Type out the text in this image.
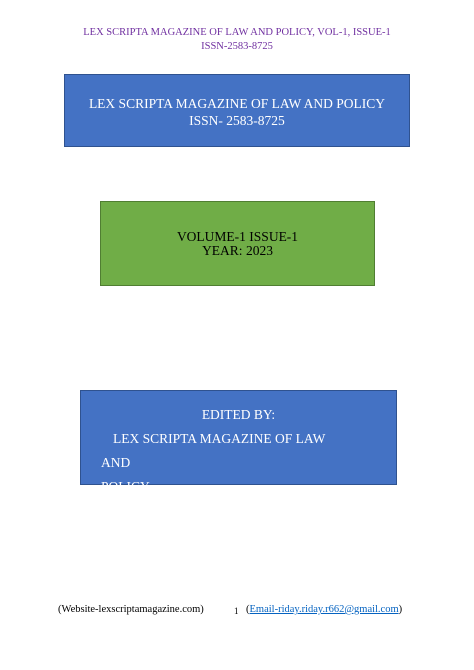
LEX SCRIPTA MAGAZINE OF LAW AND POLICY, VOL-1, ISSUE-1
ISSN-2583-8725
LEX SCRIPTA MAGAZINE OF LAW AND POLICY
ISSN- 2583-8725
VOLUME-1 ISSUE-1
YEAR: 2023
EDITED BY:
LEX SCRIPTA MAGAZINE OF LAW AND
POLICY
(Website-lexscriptamagazine.com)	1 (Email-riday.riday.r662@gmail.com)
